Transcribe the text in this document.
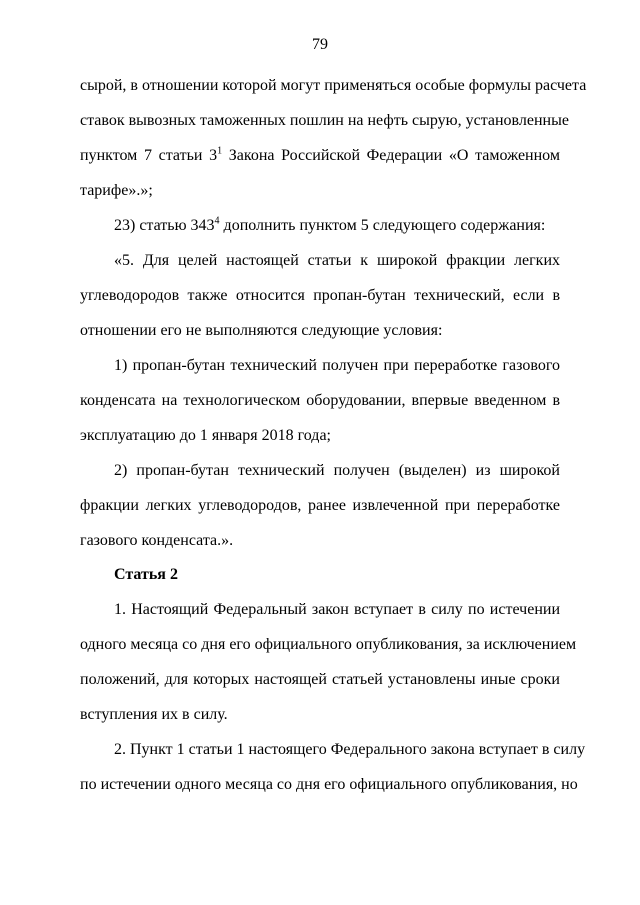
79
сырой, в отношении которой могут применяться особые формулы расчета
ставок вывозных таможенных пошлин на нефть сырую, установленные
пунктом 7 статьи $3^1$ Закона Российской Федерации «О таможенном
тарифе».»;
23) статью $343^4$ дополнить пунктом 5 следующего содержания:
«5. Для целей настоящей статьи к широкой фракции легких
углеводородов также относится пропан-бутан технический, если в
отношении его не выполняются следующие условия:
1) пропан-бутан технический получен при переработке газового
конденсата на технологическом оборудовании, впервые введенном в
эксплуатацию до 1 января 2018 года;
2) пропан-бутан технический получен (выделен) из широкой
фракции легких углеводородов, ранее извлеченной при переработке
газового конденсата.».
Статья 2
1. Настоящий Федеральный закон вступает в силу по истечении
одного месяца со дня его официального опубликования, за исключением
положений, для которых настоящей статьей установлены иные сроки
вступления их в силу.
2. Пункт 1 статьи 1 настоящего Федерального закона вступает в силу
по истечении одного месяца со дня его официального опубликования, но
